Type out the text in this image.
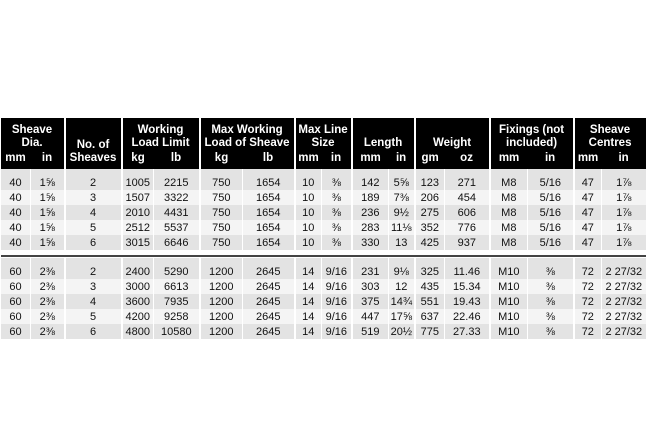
Sheave Dia.		No. of Sheaves	Working Load Limit		Max Working Load of Sheave		Max Line Size		Length		Weight		Fixings (not included)		Sheave Centres	
mm	in		kg	lb	kg	lb	mm	in	mm	in	gm	oz	mm	in	mm	in
40	1⅝	2	1005	2215	750	1654	10	⅜	142	5⅝	123	271	M8	5/16	47	1⅞
40	1⅝	3	1507	3322	750	1654	10	⅜	189	7⅜	206	454	M8	5/16	47	1⅞
40	1⅝	4	2010	4431	750	1654	10	⅜	236	9½	275	606	M8	5/16	47	1⅞
40	1⅝	5	2512	5537	750	1654	10	⅜	283	11⅛	352	776	M8	5/16	47	1⅞
40	1⅝	6	3015	6646	750	1654	10	⅜	330	13	425	937	M8	5/16	47	1⅞

60	2⅜	2	2400	5290	1200	2645	14	9/16	231	9⅛	325	11.46	M10	⅜	72	2 27/32
60	2⅜	3	3000	6613	1200	2645	14	9/16	303	12	435	15.34	M10	⅜	72	2 27/32
60	2⅜	4	3600	7935	1200	2645	14	9/16	375	14¾	551	19.43	M10	⅜	72	2 27/32
60	2⅜	5	4200	9258	1200	2645	14	9/16	447	17⅝	637	22.46	M10	⅜	72	2 27/32
60	2⅜	6	4800	10580	1200	2645	14	9/16	519	20½	775	27.33	M10	⅜	72	2 27/32
